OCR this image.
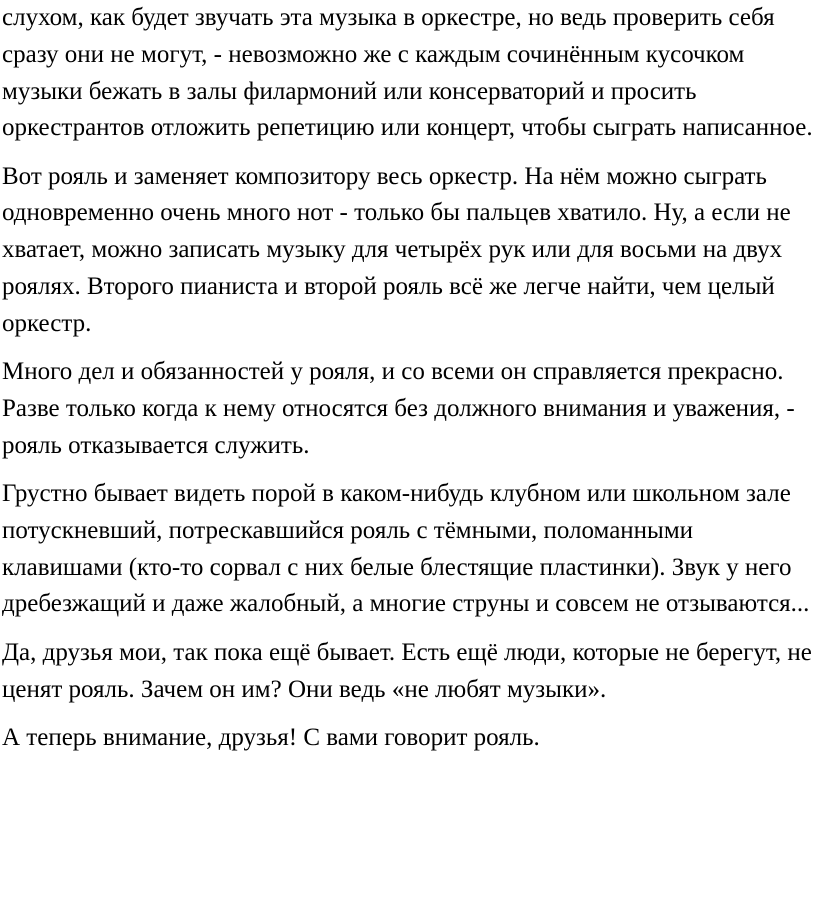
слухом, как будет звучать эта музыка в оркестре, но ведь проверить себя сразу они не могут, - невозможно же с каждым сочинённым кусочком музыки бежать в залы филармоний или консерваторий и просить оркестрантов отложить репетицию или концерт, чтобы сыграть написанное.

Вот рояль и заменяет композитору весь оркестр. На нём можно сыграть одновременно очень много нот - только бы пальцев хватило. Ну, а если не хватает, можно записать музыку для четырёх рук или для восьми на двух роялях. Второго пианиста и второй рояль всё же легче найти, чем целый оркестр.

Много дел и обязанностей у рояля, и со всеми он справляется прекрасно. Разве только когда к нему относятся без должного внимания и уважения, - рояль отказывается служить.

Грустно бывает видеть порой в каком-нибудь клубном или школьном зале потускневший, потрескавшийся рояль с тёмными, поломанными клавишами (кто-то сорвал с них белые блестящие пластинки). Звук у него дребезжащий и даже жалобный, а многие струны и совсем не отзываются...

Да, друзья мои, так пока ещё бывает. Есть ещё люди, которые не берегут, не ценят рояль. Зачем он им? Они ведь «не любят музыки».

А теперь внимание, друзья! С вами говорит рояль.
